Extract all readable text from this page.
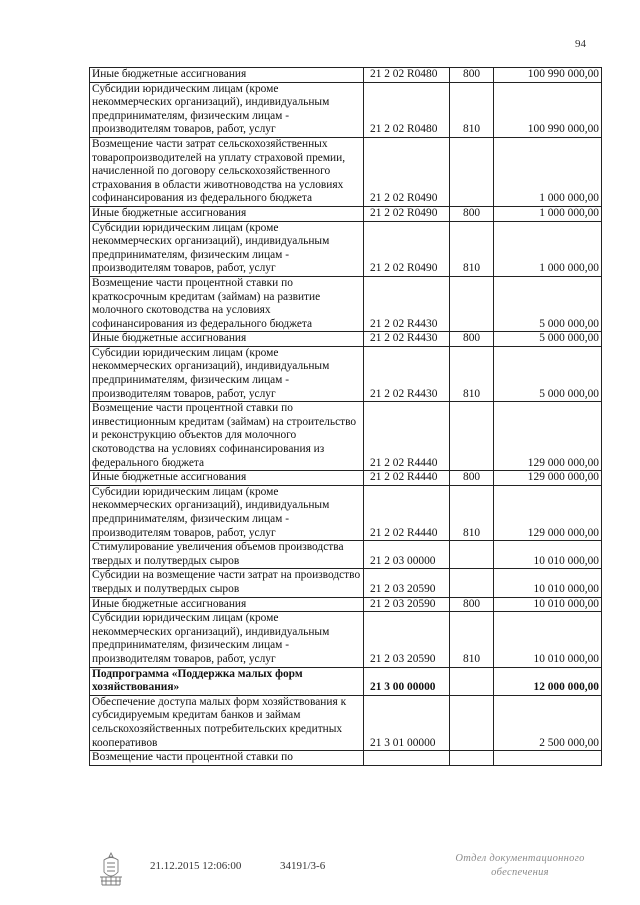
94
Иные бюджетные ассигнования	21 2 02 R0480	800	100 990 000,00
Субсидии юридическим лицам (кроме некоммерческих организаций), индивидуальным предпринимателям, физическим лицам - производителям товаров, работ, услуг	21 2 02 R0480	810	100 990 000,00
Возмещение части затрат сельскохозяйственных товаропроизводителей на уплату страховой премии, начисленной по договору сельскохозяйственного страхования в области животноводства на условиях софинансирования из федерального бюджета	21 2 02 R0490		1 000 000,00
Иные бюджетные ассигнования	21 2 02 R0490	800	1 000 000,00
Субсидии юридическим лицам (кроме некоммерческих организаций), индивидуальным предпринимателям, физическим лицам - производителям товаров, работ, услуг	21 2 02 R0490	810	1 000 000,00
Возмещение части процентной ставки по краткосрочным кредитам (займам) на развитие молочного скотоводства на условиях софинансирования из федерального бюджета	21 2 02 R4430		5 000 000,00
Иные бюджетные ассигнования	21 2 02 R4430	800	5 000 000,00
Субсидии юридическим лицам (кроме некоммерческих организаций), индивидуальным предпринимателям, физическим лицам - производителям товаров, работ, услуг	21 2 02 R4430	810	5 000 000,00
Возмещение части процентной ставки по инвестиционным кредитам (займам) на строительство и реконструкцию объектов для молочного скотоводства на условиях софинансирования из федерального бюджета	21 2 02 R4440		129 000 000,00
Иные бюджетные ассигнования	21 2 02 R4440	800	129 000 000,00
Субсидии юридическим лицам (кроме некоммерческих организаций), индивидуальным предпринимателям, физическим лицам - производителям товаров, работ, услуг	21 2 02 R4440	810	129 000 000,00
Стимулирование увеличения объемов производства твердых и полутвердых сыров	21 2 03 00000		10 010 000,00
Субсидии на возмещение части затрат на производство твердых и полутвердых сыров	21 2 03 20590		10 010 000,00
Иные бюджетные ассигнования	21 2 03 20590	800	10 010 000,00
Субсидии юридическим лицам (кроме некоммерческих организаций), индивидуальным предпринимателям, физическим лицам - производителям товаров, работ, услуг	21 2 03 20590	810	10 010 000,00
Подпрограмма «Поддержка малых форм хозяйствования»	21 3 00 00000		12 000 000,00
Обеспечение доступа малых форм хозяйствования к субсидируемым кредитам банков и займам сельскохозяйственных потребительских кредитных кооперативов	21 3 01 00000		2 500 000,00
Возмещение части процентной ставки по			
21.12.2015 12:06:00	34191/3-6
Отдел документационного
обеспечения
